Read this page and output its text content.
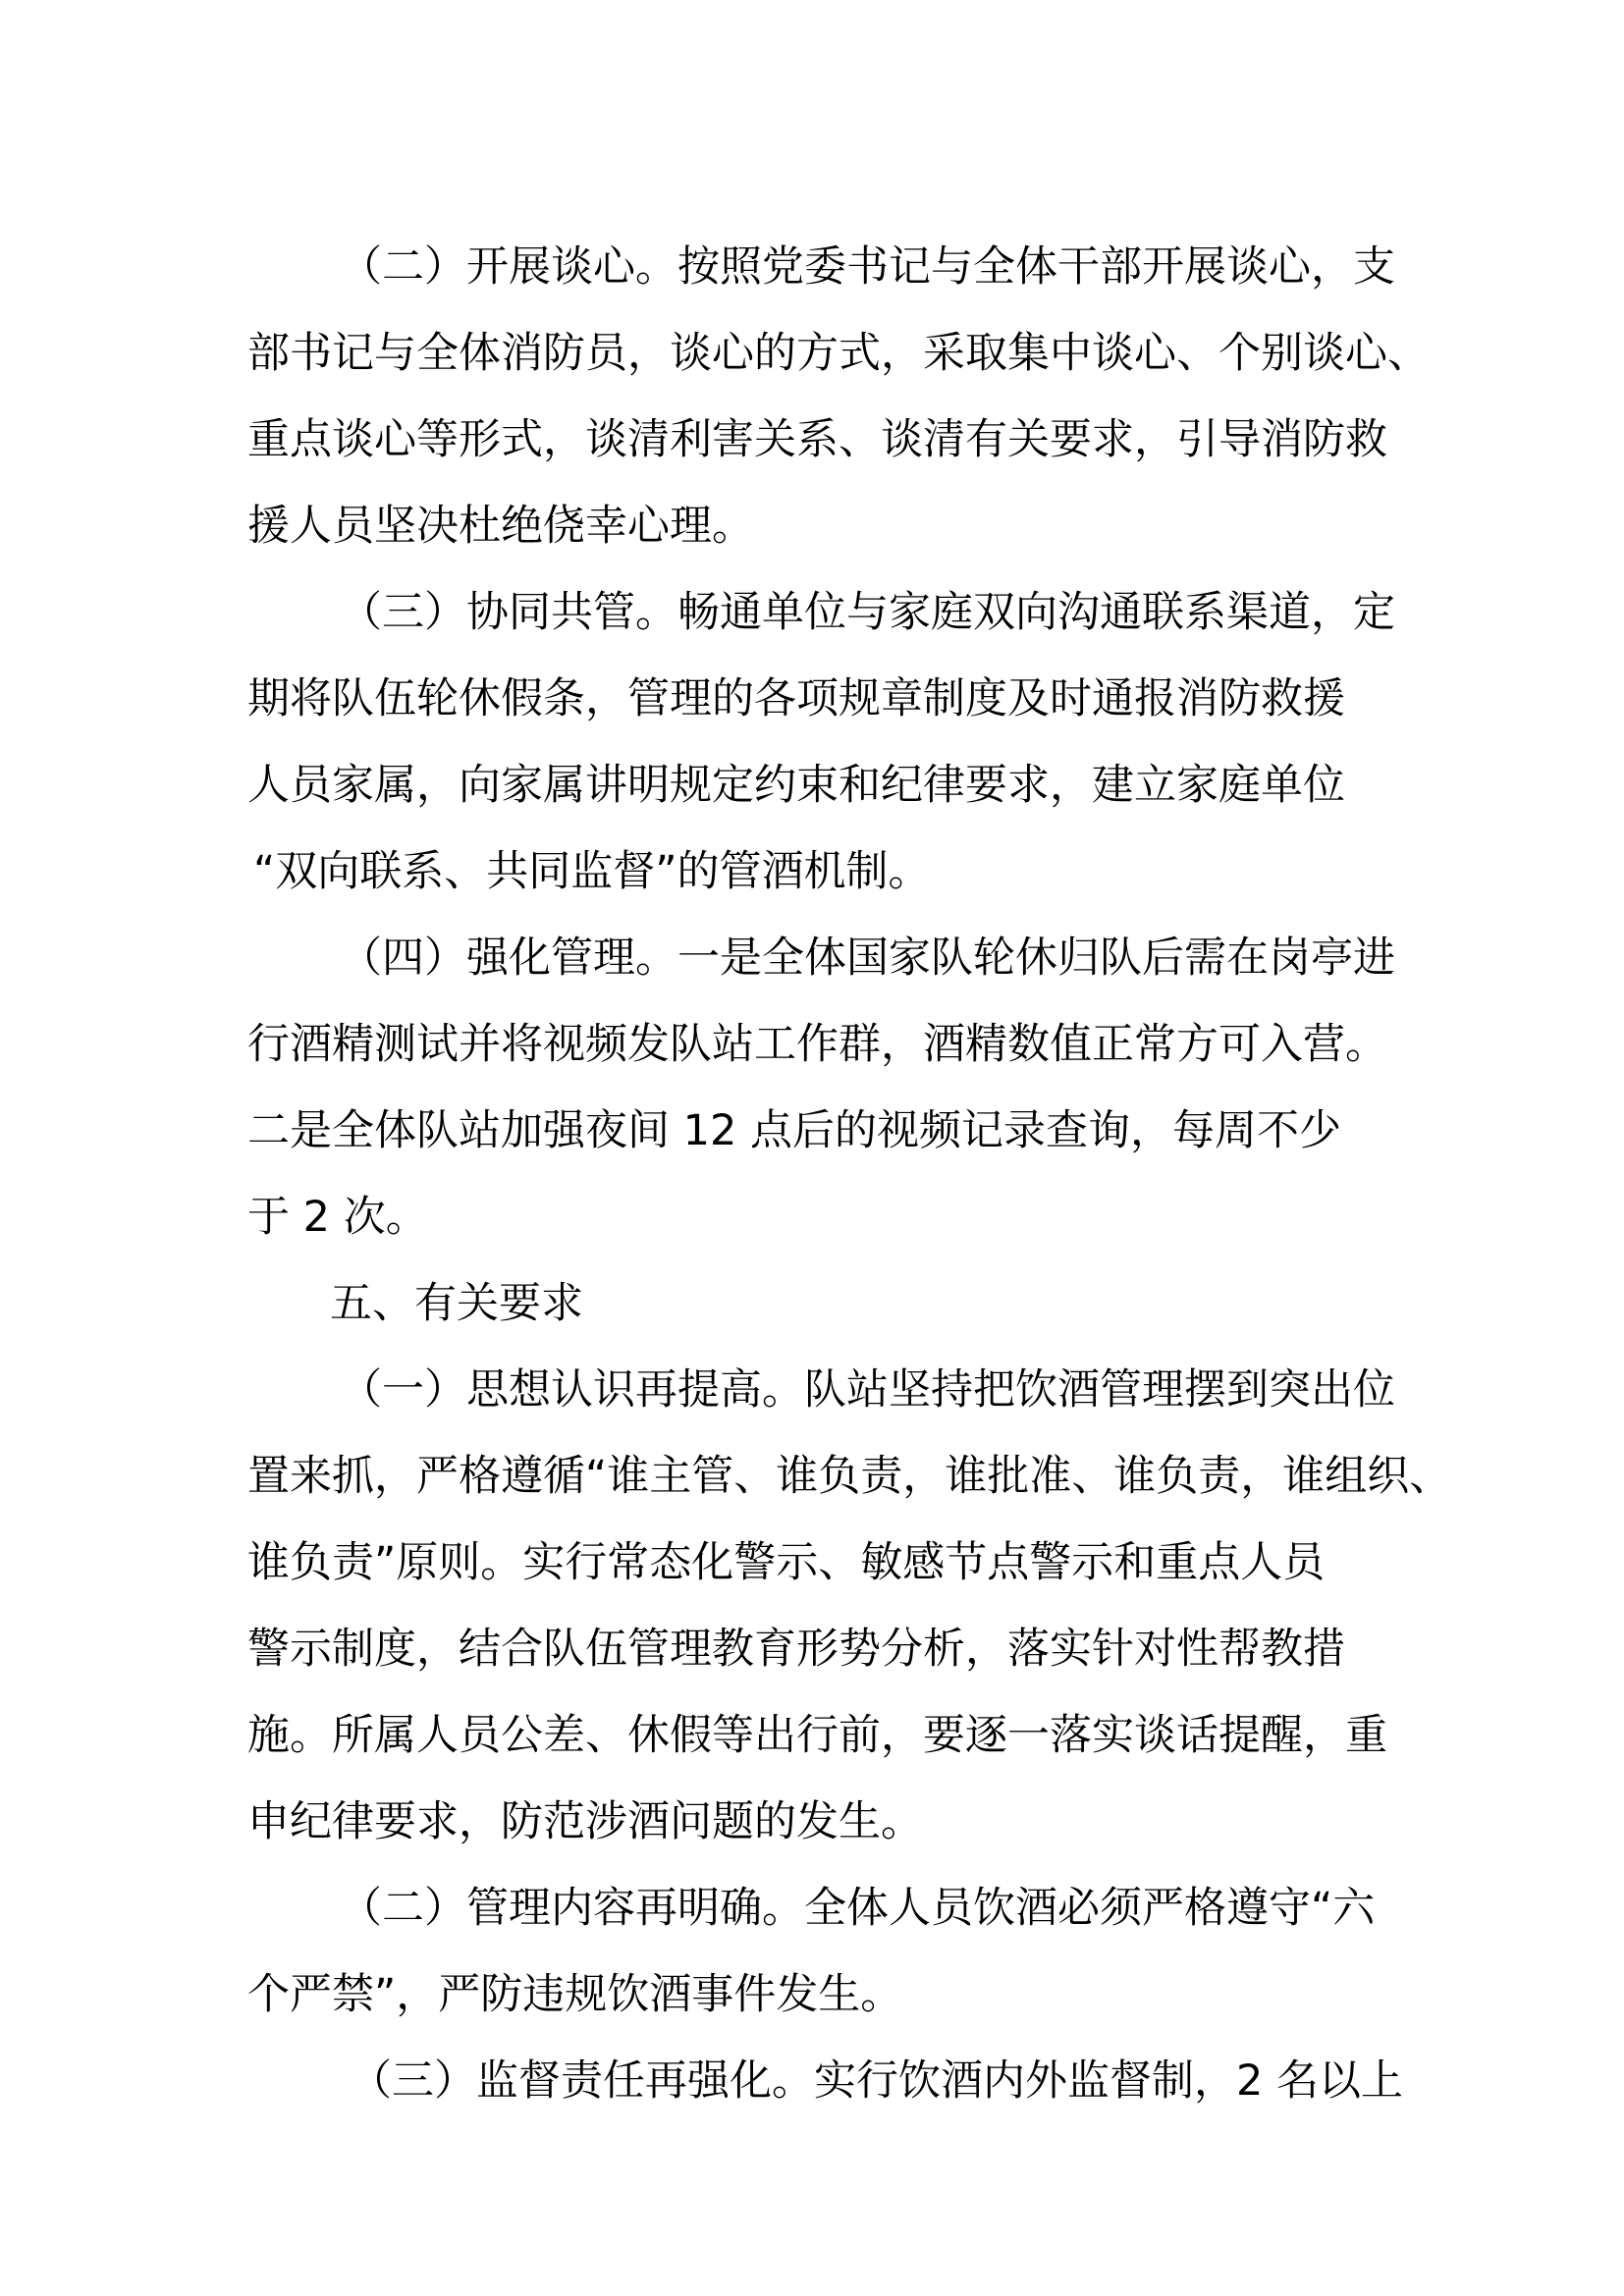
（二）开展谈心。按照党委书记与全体干部开展谈心，支
部书记与全体消防员，谈心的方式，采取集中谈心、个别谈心、
重点谈心等形式，谈清利害关系、谈清有关要求，引导消防救
援人员坚决杜绝侥幸心理。
（三）协同共管。畅通单位与家庭双向沟通联系渠道，定
期将队伍轮休假条，管理的各项规章制度及时通报消防救援
人员家属，向家属讲明规定约束和纪律要求，建立家庭单位
“双向联系、共同监督”的管酒机制。
（四）强化管理。一是全体国家队轮休归队后需在岗亭进
行酒精测试并将视频发队站工作群，酒精数值正常方可入营。
二是全体队站加强夜间 12 点后的视频记录查询，每周不少
于 2 次。
五、有关要求
（一）思想认识再提高。队站坚持把饮酒管理摆到突出位
置来抓，严格遵循“谁主管、谁负责，谁批准、谁负责，谁组织、
谁负责”原则。实行常态化警示、敏感节点警示和重点人员
警示制度，结合队伍管理教育形势分析，落实针对性帮教措
施。所属人员公差、休假等出行前，要逐一落实谈话提醒，重
申纪律要求，防范涉酒问题的发生。
（二）管理内容再明确。全体人员饮酒必须严格遵守“六
个严禁”，严防违规饮酒事件发生。
（三）监督责任再强化。实行饮酒内外监督制，2 名以上
